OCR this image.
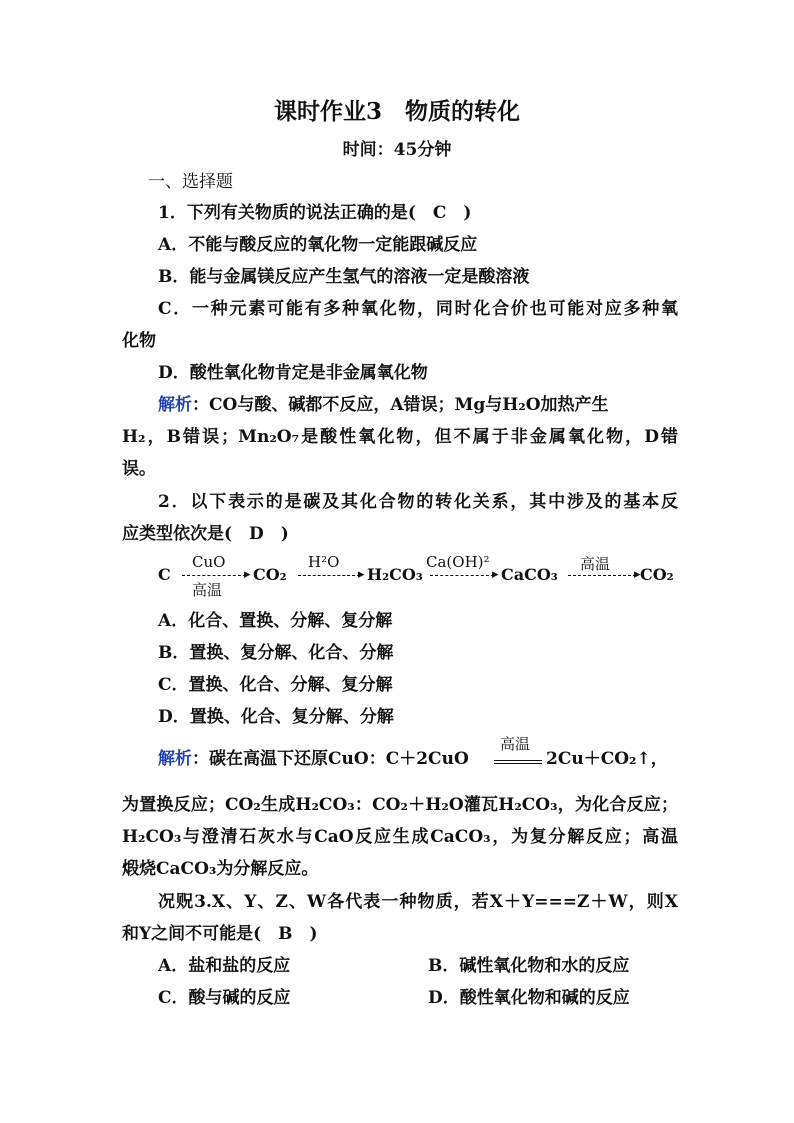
课时作业3　物质的转化
时间：45分钟
一、选择题
1．下列有关物质的说法正确的是(　C　)
A．不能与酸反应的氧化物一定能跟碱反应
B．能与金属镁反应产生氢气的溶液一定是酸溶液
C．一种元素可能有多种氧化物，同时化合价也可能对应多种氧
化物
D．酸性氧化物肯定是非金属氧化物
解析：CO与酸、碱都不反应，A错误；Mg与H₂O加热产生
H₂，B错误；Mn₂O₇是酸性氧化物，但不属于非金属氧化物，D错
误。
2．以下表示的是碳及其化合物的转化关系，其中涉及的基本反
应类型依次是(　D　)
C
CuO
▸
高温
CO₂
H²O
▸ H₂CO₃
Ca(OH)²
▸ CaCO₃
高温
▸ CO₂
A．化合、置换、分解、复分解
B．置换、复分解、化合、分解
C．置换、化合、分解、复分解
D．置换、化合、复分解、分解
解析：碳在高温下还原CuO：C＋2CuO
高温
2Cu＋CO₂↑，
为置换反应；CO₂生成H₂CO₃：CO₂＋H₂O灌瓦H₂CO₃，为化合反应；
H₂CO₃与澄清石灰水与CaO反应生成CaCO₃，为复分解反应；高温
煅烧CaCO₃为分解反应。
况贶3.X、Y、Z、W各代表一种物质，若X＋Y===Z＋W，则X
和Y之间不可能是(　B　)
A．盐和盐的反应	B．碱性氧化物和水的反应
C．酸与碱的反应	D．酸性氧化物和碱的反应
